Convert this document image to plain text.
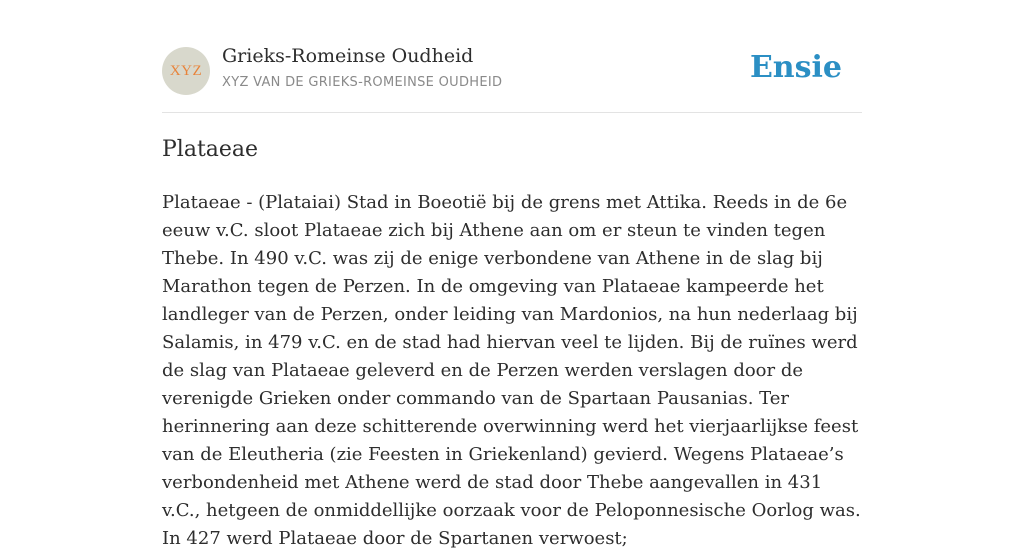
XYZ
Grieks-Romeinse Oudheid
XYZ VAN DE GRIEKS-ROMEINSE OUDHEID	Ensie
Plataeae

Plataeae - (Plataiai) Stad in Boeotië bij de grens met Attika. Reeds in de 6e eeuw v.C. sloot Plataeae zich bij Athene aan om er steun te vinden tegen Thebe. In 490 v.C. was zij de enige verbondene van Athene in de slag bij Marathon tegen de Perzen. In de omgeving van Plataeae kampeerde het landleger van de Perzen, onder leiding van Mardonios, na hun nederlaag bij Salamis, in 479 v.C. en de stad had hiervan veel te lijden. Bij de ruïnes werd de slag van Plataeae geleverd en de Perzen werden verslagen door de verenigde Grieken onder commando van de Spartaan Pausanias. Ter herinnering aan deze schitterende overwinning werd het vierjaarlijkse feest van de Eleutheria (zie Feesten in Griekenland) gevierd. Wegens Plataeae’s verbondenheid met Athene werd de stad door Thebe aangevallen in 431 v.C., hetgeen de onmiddellijke oorzaak voor de Peloponnesische Oorlog was. In 427 werd Plataeae door de Spartanen verwoest;
